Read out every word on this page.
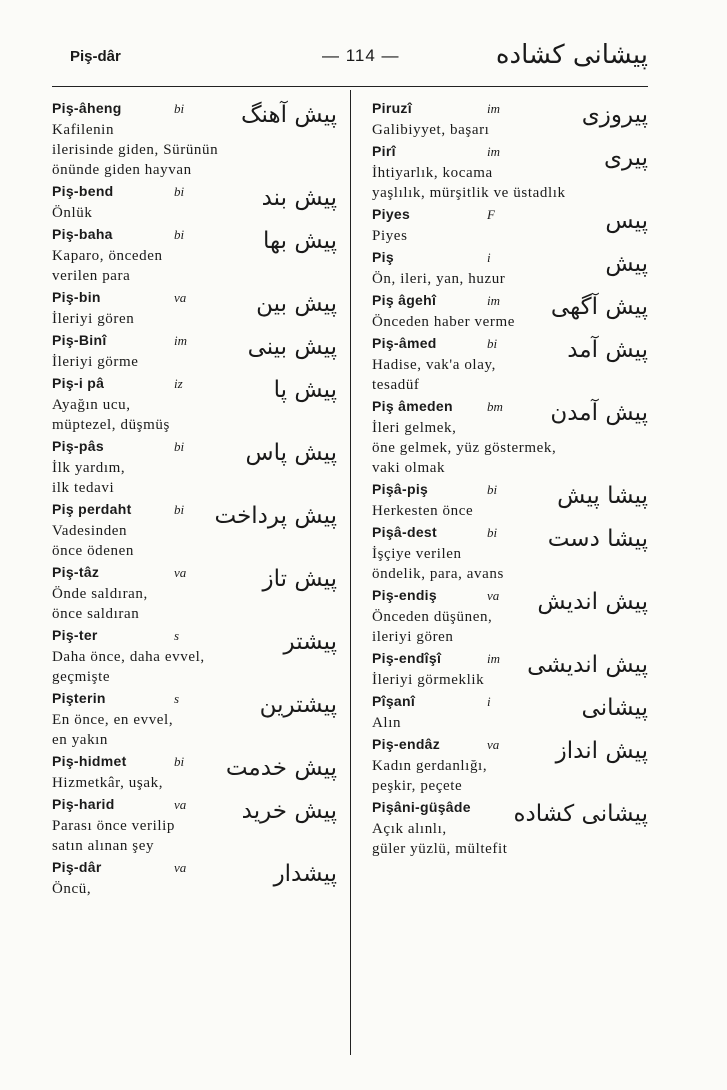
Piş-dâr	— 114 —	پیشانی کشاده
Piş-âheng	bi پیش آهنگ
Kafilenin
ilerisinde giden, Sürünün
önünde giden hayvan
Piş-bend	bi	پیش بند
Önlük
Piş-baha	bi	پیش بها
Kaparo, önceden
verilen para
Piş-bin	va	پیش بین
İleriyi gören
Piş-Binî	im	پیش بینی
İleriyi görme
Piş-i pâ	iz	پیش پا
Ayağın ucu,
müptezel, düşmüş
Piş-pâs	bi	پیش پاس
İlk yardım,
ilk tedavi
Piş perdaht	bi پیش پرداخت
Vadesinden
önce ödenen
Piş-tâz	va	پیش تاز
Önde saldıran,
önce saldıran
Piş-ter	s	پیشتر
Daha önce, daha evvel,
geçmişte
Pişterin	s	پیشترین
En önce, en evvel,
en yakın
Piş-hidmet	bi پیش خدمت
Hizmetkâr, uşak,
Piş-harid	va پیش خرید
Parası önce verilip
satın alınan şey
Piş-dâr	va	پیشدار
Öncü,
Piruzî	im	پیروزی
Galibiyyet, başarı
Pirî	im	پیری
İhtiyarlık, kocama
yaşlılık, mürşitlik ve üstadlık
Piyes	F	پیس
Piyes
Piş	i	پیش
Ön, ileri, yan, huzur
Piş âgehî	im پیش آگهی
Önceden haber verme
Piş-âmed	bi	پیش آمد
Hadise, vak'a olay,
tesadüf
Piş âmeden	bm پیش آمدن
İleri gelmek,
öne gelmek, yüz göstermek,
vaki olmak
Pişâ-piş	bi	پیشا پیش
Herkesten önce
Pişâ-dest	bi پیشا دست
İşçiye verilen
öndelik, para, avans
Piş-endiş	va پیش اندیش
Önceden düşünen,
ileriyi gören
Piş-endîşî	im پیش اندیشی
İleriyi görmeklik
Pîşanî	i	پیشانی
Alın
Piş-endâz	va پیش انداز
Kadın gerdanlığı,
peşkir, peçete
Pişâni-güşâde پیشانی کشاده
Açık alınlı,
güler yüzlü, mültefit
